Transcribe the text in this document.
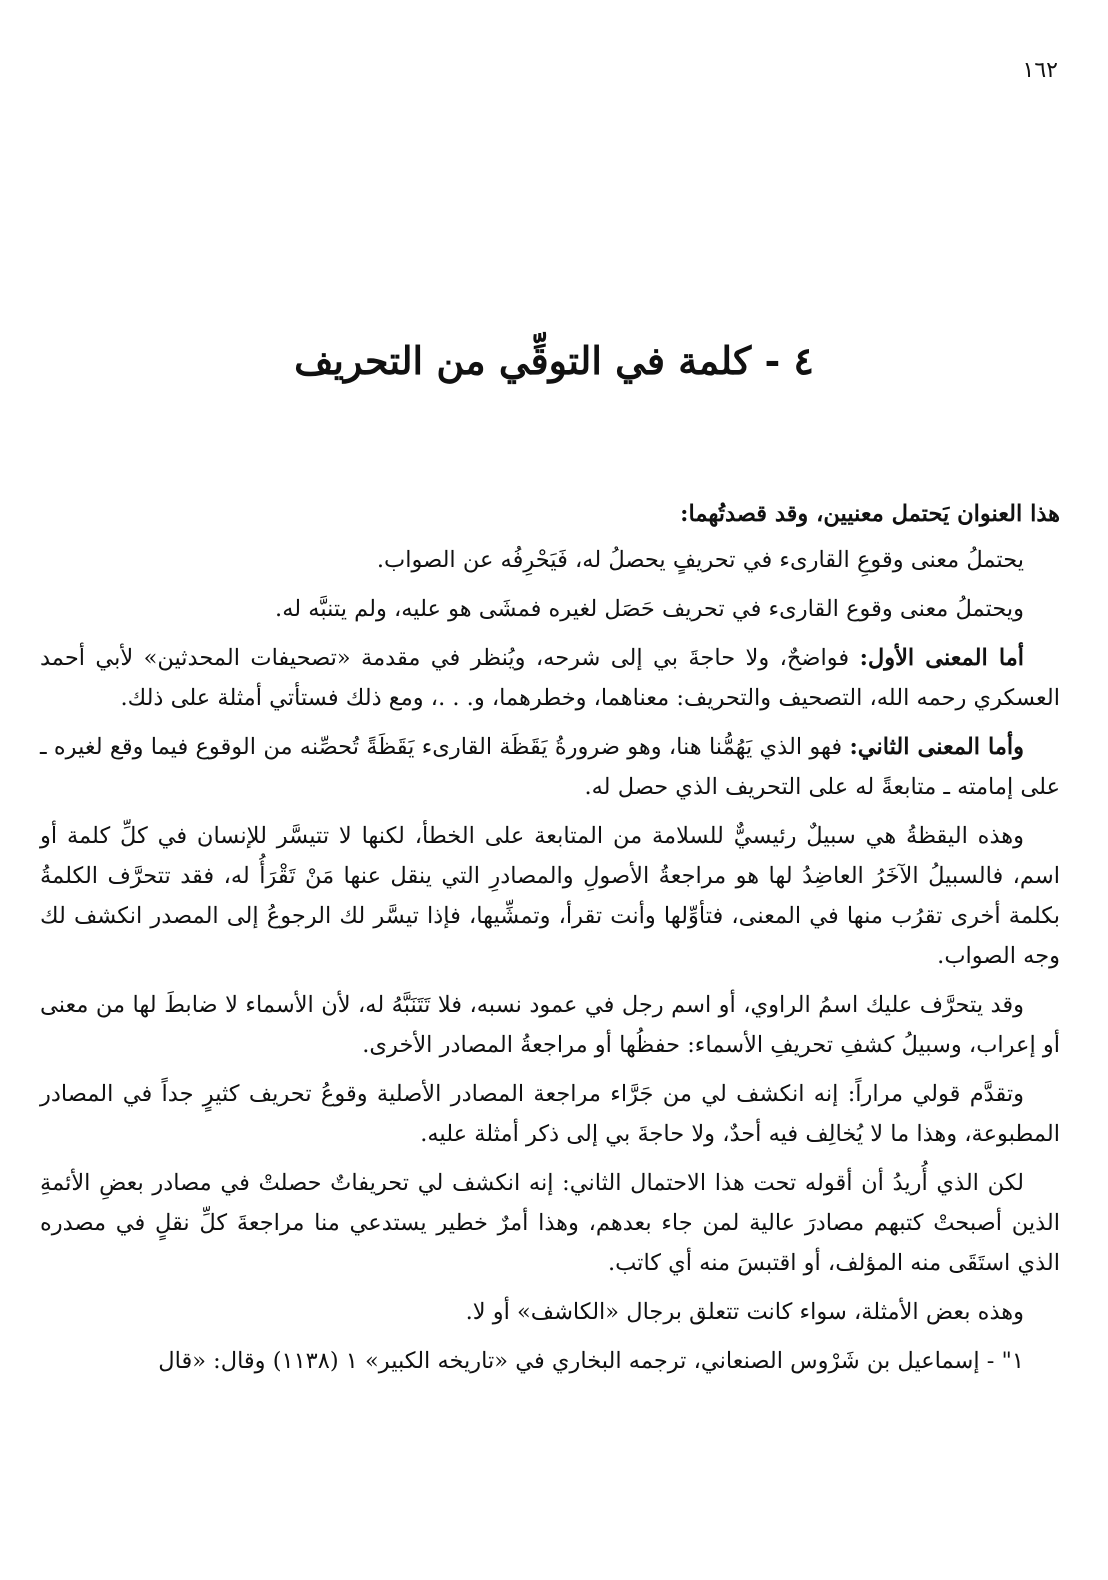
١٦٢
٤ - كلمة في التوقِّي من التحريف

هذا العنوان يَحتمل معنيين، وقد قصدتُهما:

يحتملُ معنى وقوعِ القارىء في تحريفٍ يحصلُ له، فَيَحْرِفُه عن الصواب.

ويحتملُ معنى وقوع القارىء في تحريف حَصَل لغيره فمشَى هو عليه، ولم يتنبَّه له.

أما المعنى الأول: فواضحٌ، ولا حاجةَ بي إلى شرحه، ويُنظر في مقدمة «تصحيفات المحدثين» لأبي أحمد العسكري رحمه الله، التصحيف والتحريف: معناهما، وخطرهما، و. . .، ومع ذلك فستأتي أمثلة على ذلك.

وأما المعنى الثاني: فهو الذي يَهُمُّنا هنا، وهو ضرورةُ يَقَظَة القارىء يَقَظَةً تُحصِّنه من الوقوع فيما وقع لغيره ـ على إمامته ـ متابعةً له على التحريف الذي حصل له.

وهذه اليقظةُ هي سبيلٌ رئيسيٌّ للسلامة من المتابعة على الخطأ، لكنها لا تتيسَّر للإنسان في كلِّ كلمة أو اسم، فالسبيلُ الآخَرُ العاضِدُ لها هو مراجعةُ الأصولِ والمصادرِ التي ينقل عنها مَنْ تَقْرَأُ له، فقد تتحرَّف الكلمةُ بكلمة أخرى تقرُب منها في المعنى، فتأوِّلها وأنت تقرأ، وتمشِّيها، فإذا تيسَّر لك الرجوعُ إلى المصدر انكشف لك وجه الصواب.

وقد يتحرَّف عليك اسمُ الراوي، أو اسم رجل في عمود نسبه، فلا تَتَنَبَّهُ له، لأن الأسماء لا ضابطَ لها من معنى أو إعراب، وسبيلُ كشفِ تحريفِ الأسماء: حفظُها أو مراجعةُ المصادر الأخرى.

وتقدَّم قولي مراراً: إنه انكشف لي من جَرَّاء مراجعة المصادر الأصلية وقوعُ تحريف كثيرٍ جداً في المصادر المطبوعة، وهذا ما لا يُخالِف فيه أحدٌ، ولا حاجةَ بي إلى ذكر أمثلة عليه.

لكن الذي أُريدُ أن أقوله تحت هذا الاحتمال الثاني: إنه انكشف لي تحريفاتٌ حصلتْ في مصادر بعضِ الأئمةِ الذين أصبحتْ كتبهم مصادرَ عالية لمن جاء بعدهم، وهذا أمرٌ خطير يستدعي منا مراجعةَ كلِّ نقلٍ في مصدره الذي استَقَى منه المؤلف، أو اقتبسَ منه أي كاتب.

وهذه بعض الأمثلة، سواء كانت تتعلق برجال «الكاشف» أو لا.

١" - إسماعيل بن شَرْوس الصنعاني، ترجمه البخاري في «تاريخه الكبير» ١ (١١٣٨) وقال: «قال
